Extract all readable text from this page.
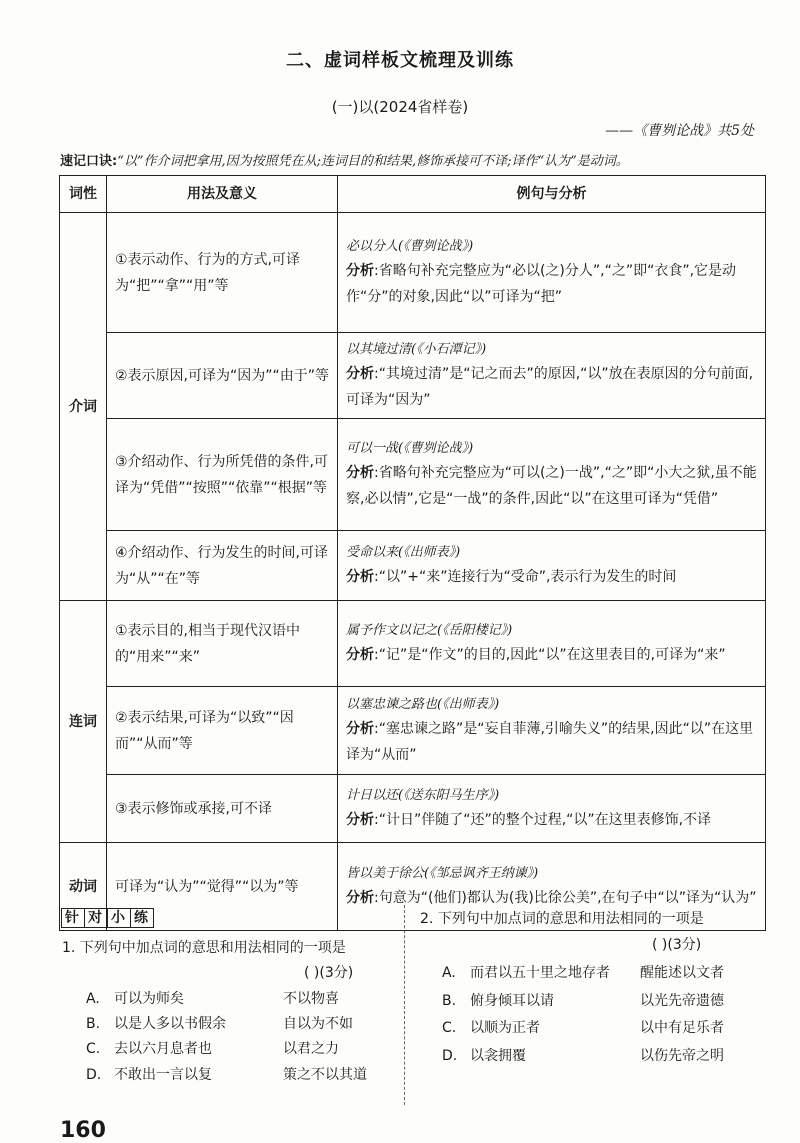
二、虚词样板文梳理及训练
(一)以(2024省样卷)
——《曹刿论战》共5处
速记口诀:“以”作介词把拿用,因为按照凭在从;连词目的和结果,修饰承接可不译;译作“认为”是动词。
词性	用法及意义	例句与分析
介词	①表示动作、行为的方式,可译为“把”“拿”“用”等	必以分人(《曹刿论战》)
分析:省略句补充完整应为“必以(之)分人”,“之”即“衣食”,它是动作“分”的对象,因此“以”可译为“把”

	②表示原因,可译为“因为”“由于”等	以其境过清(《小石潭记》)
分析:“其境过清”是“记之而去”的原因,“以”放在表原因的分句前面,可译为“因为”

	③介绍动作、行为所凭借的条件,可译为“凭借”“按照”“依靠”“根据”等	可以一战(《曹刿论战》)
分析:省略句补充完整应为“可以(之)一战”,“之”即“小大之狱,虽不能察,必以情”,它是“一战”的条件,因此“以”在这里可译为“凭借”

	④介绍动作、行为发生的时间,可译为“从”“在”等	受命以来(《出师表》)
分析:“以”+“来”连接行为“受命”,表示行为发生的时间

连词	①表示目的,相当于现代汉语中的“用来”“来”	属予作文以记之(《岳阳楼记》)
分析:“记”是“作文”的目的,因此“以”在这里表目的,可译为“来”

	②表示结果,可译为“以致”“因而”“从而”等	以塞忠谏之路也(《出师表》)
分析:“塞忠谏之路”是“妄自菲薄,引喻失义”的结果,因此“以”在这里译为“从而”

	③表示修饰或承接,可不译	计日以还(《送东阳马生序》)
分析:“计日”伴随了“还”的整个过程,“以”在这里表修饰,不译

动词	可译为“认为”“觉得”“以为”等	皆以美于徐公(《邹忌讽齐王纳谏》)
分析:句意为“(他们)都认为(我)比徐公美”,在句子中“以”译为“认为”
针 对 小 练
1. 下列句中加点词的意思和用法相同的一项是
( )(3分)
A. 可以为师矣	不以物喜
B. 以是人多以书假余	自以为不如
C. 去以六月息者也	以君之力
D. 不敢出一言以复	策之不以其道
2. 下列句中加点词的意思和用法相同的一项是
( )(3分)
A. 而君以五十里之地存者 醒能述以文者
B. 俯身倾耳以请	以光先帝遗德
C. 以顺为正者	以中有足乐者
D. 以衾拥覆	以伤先帝之明
160
